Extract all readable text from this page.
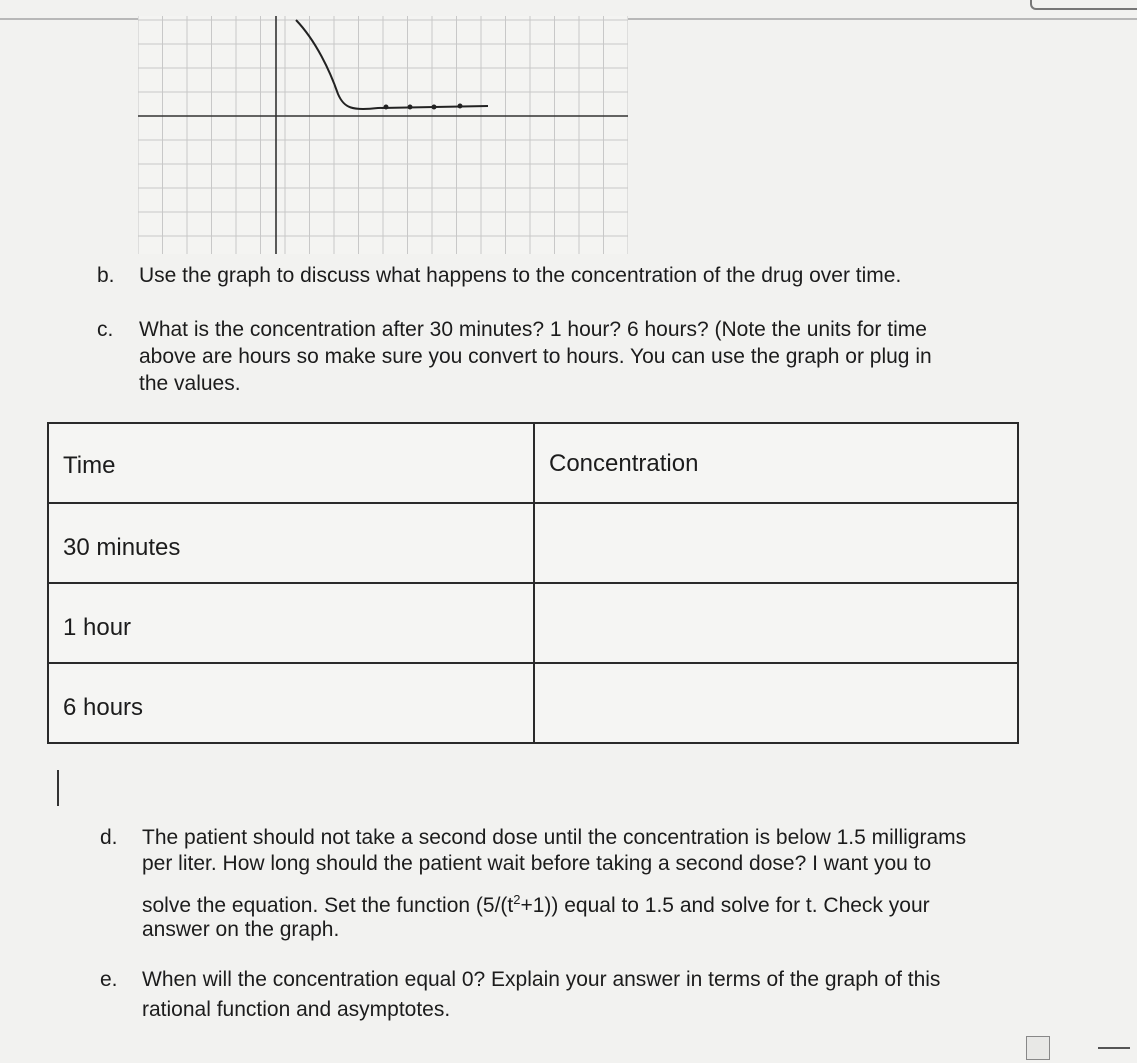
b. Use the graph to discuss what happens to the concentration of the drug over time.
c. What is the concentration after 30 minutes? 1 hour? 6 hours? (Note the units for time
above are hours so make sure you convert to hours. You can use the graph or plug in
the values.
Time	Concentration
30 minutes	
1 hour	
6 hours	
d. The patient should not take a second dose until the concentration is below 1.5 milligrams
per liter. How long should the patient wait before taking a second dose? I want you to
solve the equation. Set the function $(5/(t^2+1))$ equal to 1.5 and solve for t. Check your
answer on the graph.
e. When will the concentration equal 0? Explain your answer in terms of the graph of this
rational function and asymptotes.
